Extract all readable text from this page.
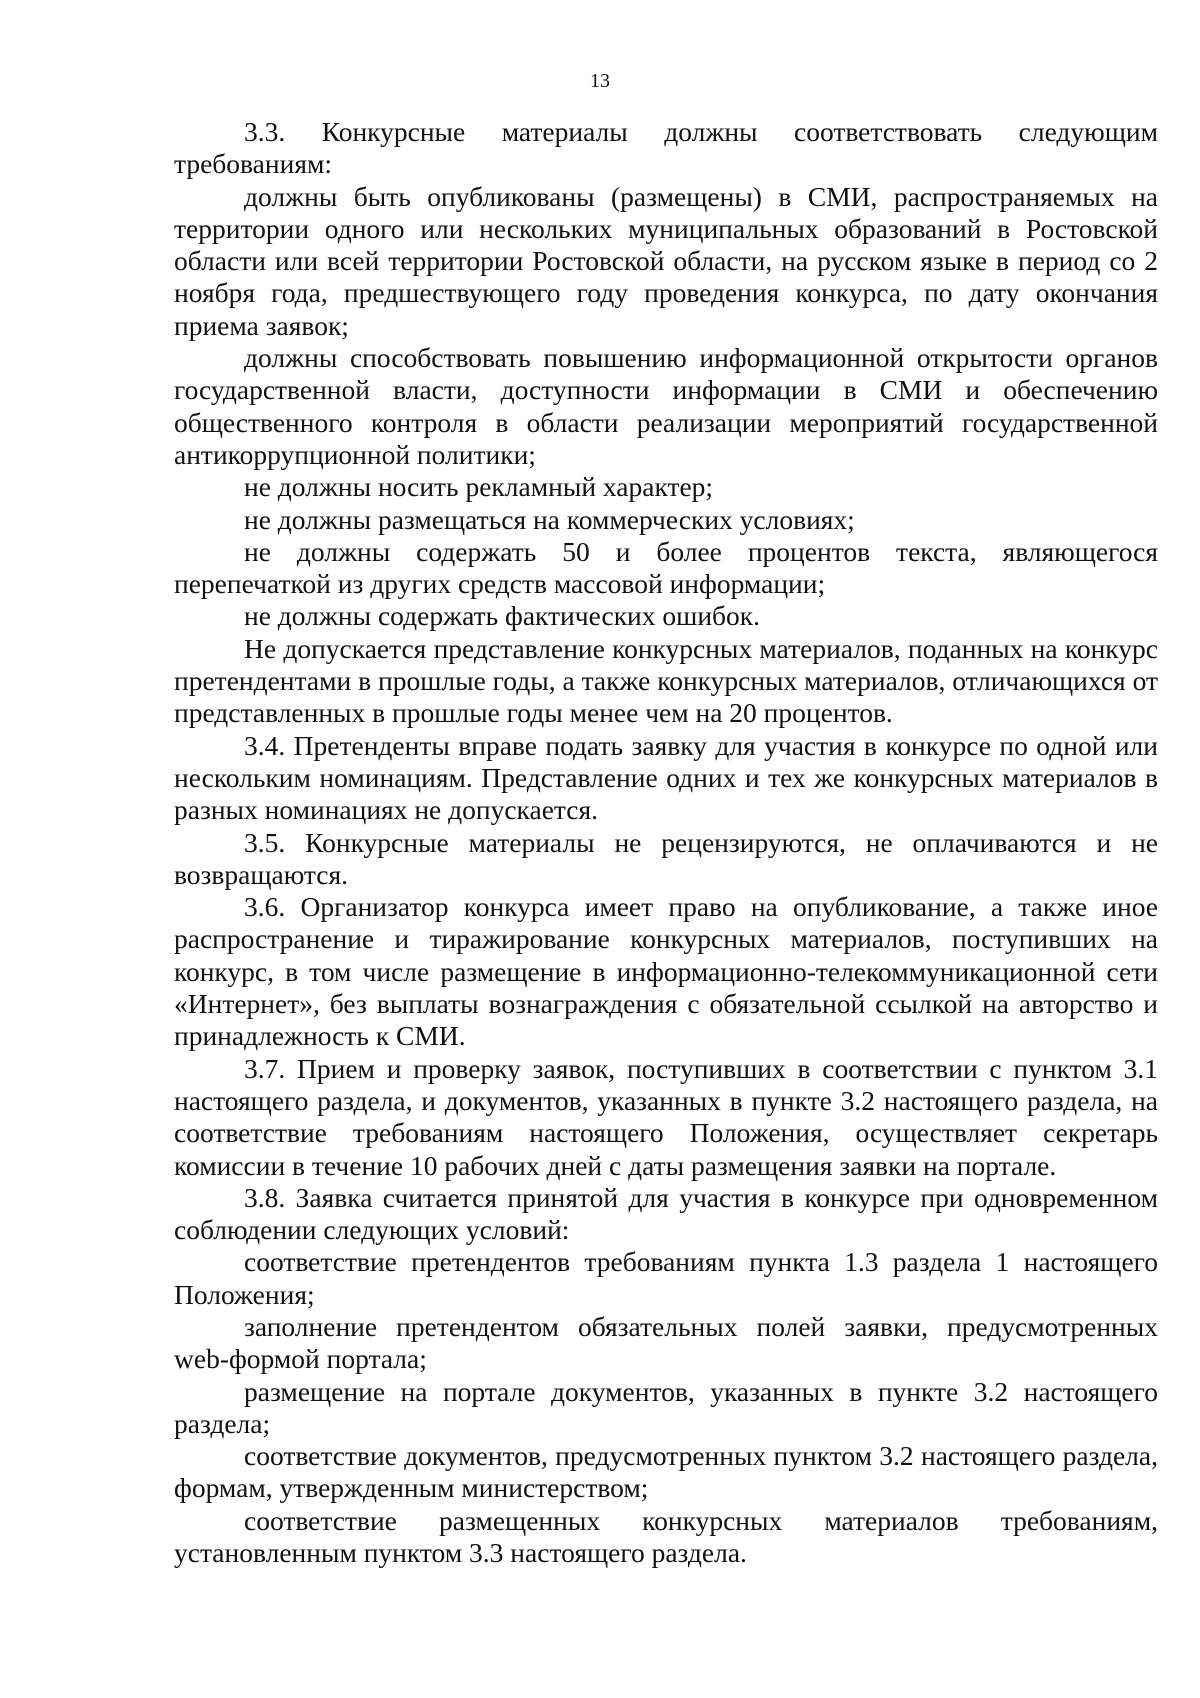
13

3.3. Конкурсные материалы должны соответствовать следующим требованиям:

должны быть опубликованы (размещены) в СМИ, распространяемых на территории одного или нескольких муниципальных образований в Ростовской области или всей территории Ростовской области, на русском языке в период со 2 ноября года, предшествующего году проведения конкурса, по дату окончания приема заявок;

должны способствовать повышению информационной открытости органов государственной власти, доступности информации в СМИ и обеспечению общественного контроля в области реализации мероприятий государственной антикоррупционной политики;

не должны носить рекламный характер;

не должны размещаться на коммерческих условиях;

не должны содержать 50 и более процентов текста, являющегося перепечаткой из других средств массовой информации;

не должны содержать фактических ошибок.

Не допускается представление конкурсных материалов, поданных на конкурс претендентами в прошлые годы, а также конкурсных материалов, отличающихся от представленных в прошлые годы менее чем на 20 процентов.

3.4. Претенденты вправе подать заявку для участия в конкурсе по одной или нескольким номинациям. Представление одних и тех же конкурсных материалов в разных номинациях не допускается.

3.5. Конкурсные материалы не рецензируются, не оплачиваются и не возвращаются.

3.6. Организатор конкурса имеет право на опубликование, а также иное распространение и тиражирование конкурсных материалов, поступивших на конкурс, в том числе размещение в информационно-телекоммуникационной сети «Интернет», без выплаты вознаграждения с обязательной ссылкой на авторство и принадлежность к СМИ.

3.7. Прием и проверку заявок, поступивших в соответствии с пунктом 3.1 настоящего раздела, и документов, указанных в пункте 3.2 настоящего раздела, на соответствие требованиям настоящего Положения, осуществляет секретарь комиссии в течение 10 рабочих дней с даты размещения заявки на портале.

3.8. Заявка считается принятой для участия в конкурсе при одновременном соблюдении следующих условий:

соответствие претендентов требованиям пункта 1.3 раздела 1 настоящего Положения;

заполнение претендентом обязательных полей заявки, предусмотренных web-формой портала;

размещение на портале документов, указанных в пункте 3.2 настоящего раздела;

соответствие документов, предусмотренных пунктом 3.2 настоящего раздела, формам, утвержденным министерством;

соответствие размещенных конкурсных материалов требованиям, установленным пунктом 3.3 настоящего раздела.
